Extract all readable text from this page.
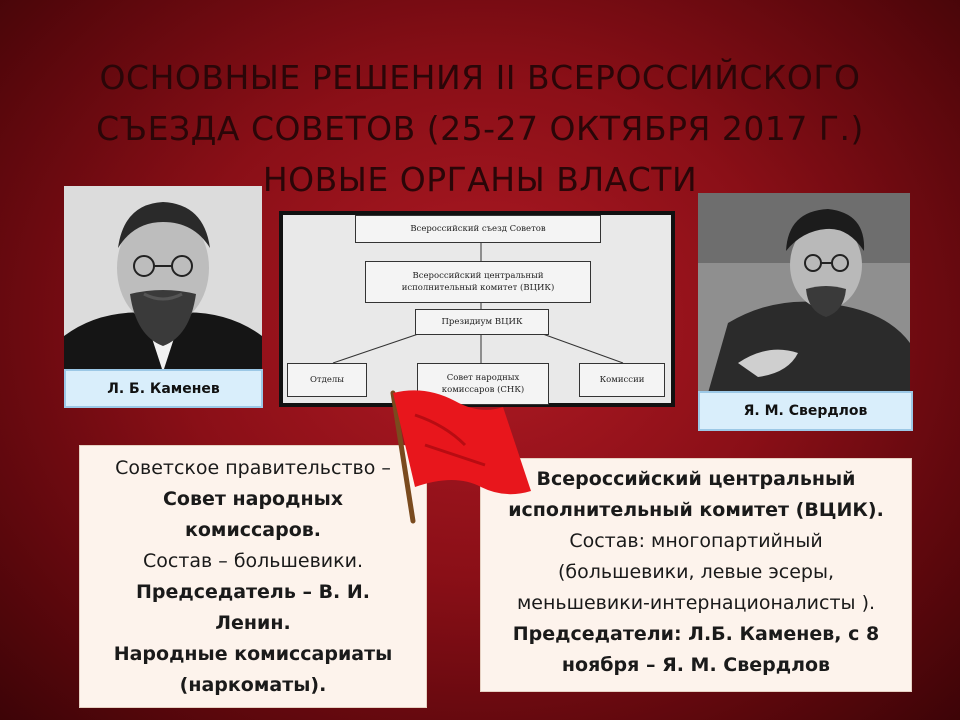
ОСНОВНЫЕ РЕШЕНИЯ II ВСЕРОССИЙСКОГО
СЪЕЗДА СОВЕТОВ (25-27 ОКТЯБРЯ 2017 Г.)
НОВЫЕ ОРГАНЫ ВЛАСТИ
Л. Б. Каменев
Я. М. Свердлов
Всероссийский съезд Советов
Всероссийский центральный
исполнительный комитет (ВЦИК)
Президиум ВЦИК
Отделы	Совет народных
комиссаров (СНК)
Комиссии
Советское правительство –
Совет народных
комиссаров.
Состав – большевики.
Председатель – В. И.
Ленин.
Народные комиссариаты
(наркоматы).
Всероссийский центральный
исполнительный комитет (ВЦИК).
Состав: многопартийный
(большевики, левые эсеры,
меньшевики-интернационалисты ).
Председатели: Л.Б. Каменев, с 8
ноября – Я. М. Свердлов
